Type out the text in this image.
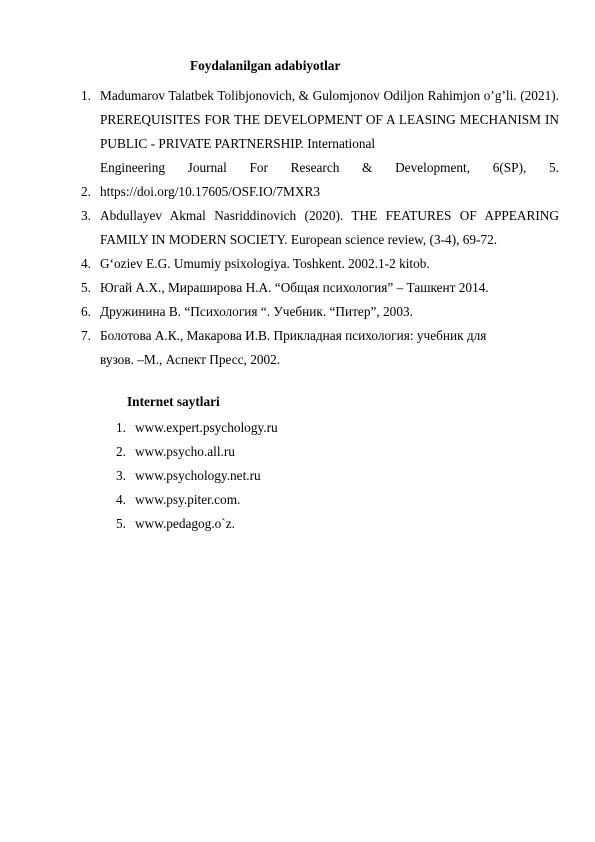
Foydalanilgan adabiyotlar
1. Madumarov Talatbek Tolibjonovich, & Gulomjonov Odiljon Rahimjon o’g’li. (2021). PREREQUISITES FOR THE DEVELOPMENT OF A LEASING MECHANISM IN PUBLIC - PRIVATE PARTNERSHIP. International
Engineering Journal For Research & Development, 6(SP), 5.
2. https://doi.org/10.17605/OSF.IO/7MXR3
3. Abdullayev Akmal Nasriddinovich (2020). THE FEATURES OF APPEARING FAMILY IN MODERN SOCIETY. European science review, (3-4), 69-72.
4. G‘oziev E.G. Umumiy psixologiya. Toshkent. 2002.1-2 kitob.
5. Югай А.Х., Мирашировa Н.А. “Общая психология” – Ташкент 2014.
6. Дружинина В. “Психология “. Учебник. “Питер”, 2003.
7. Болотова А.К., Макарова И.В. Прикладная психология: учебник для
вузов. –М., Аспект Пресс, 2002.
Internet saytlari
1. www.expert.psychology.ru
2. www.psycho.all.ru
3. www.psychology.net.ru
4. www.psy.piter.com.
5. www.pedagog.o`z.
